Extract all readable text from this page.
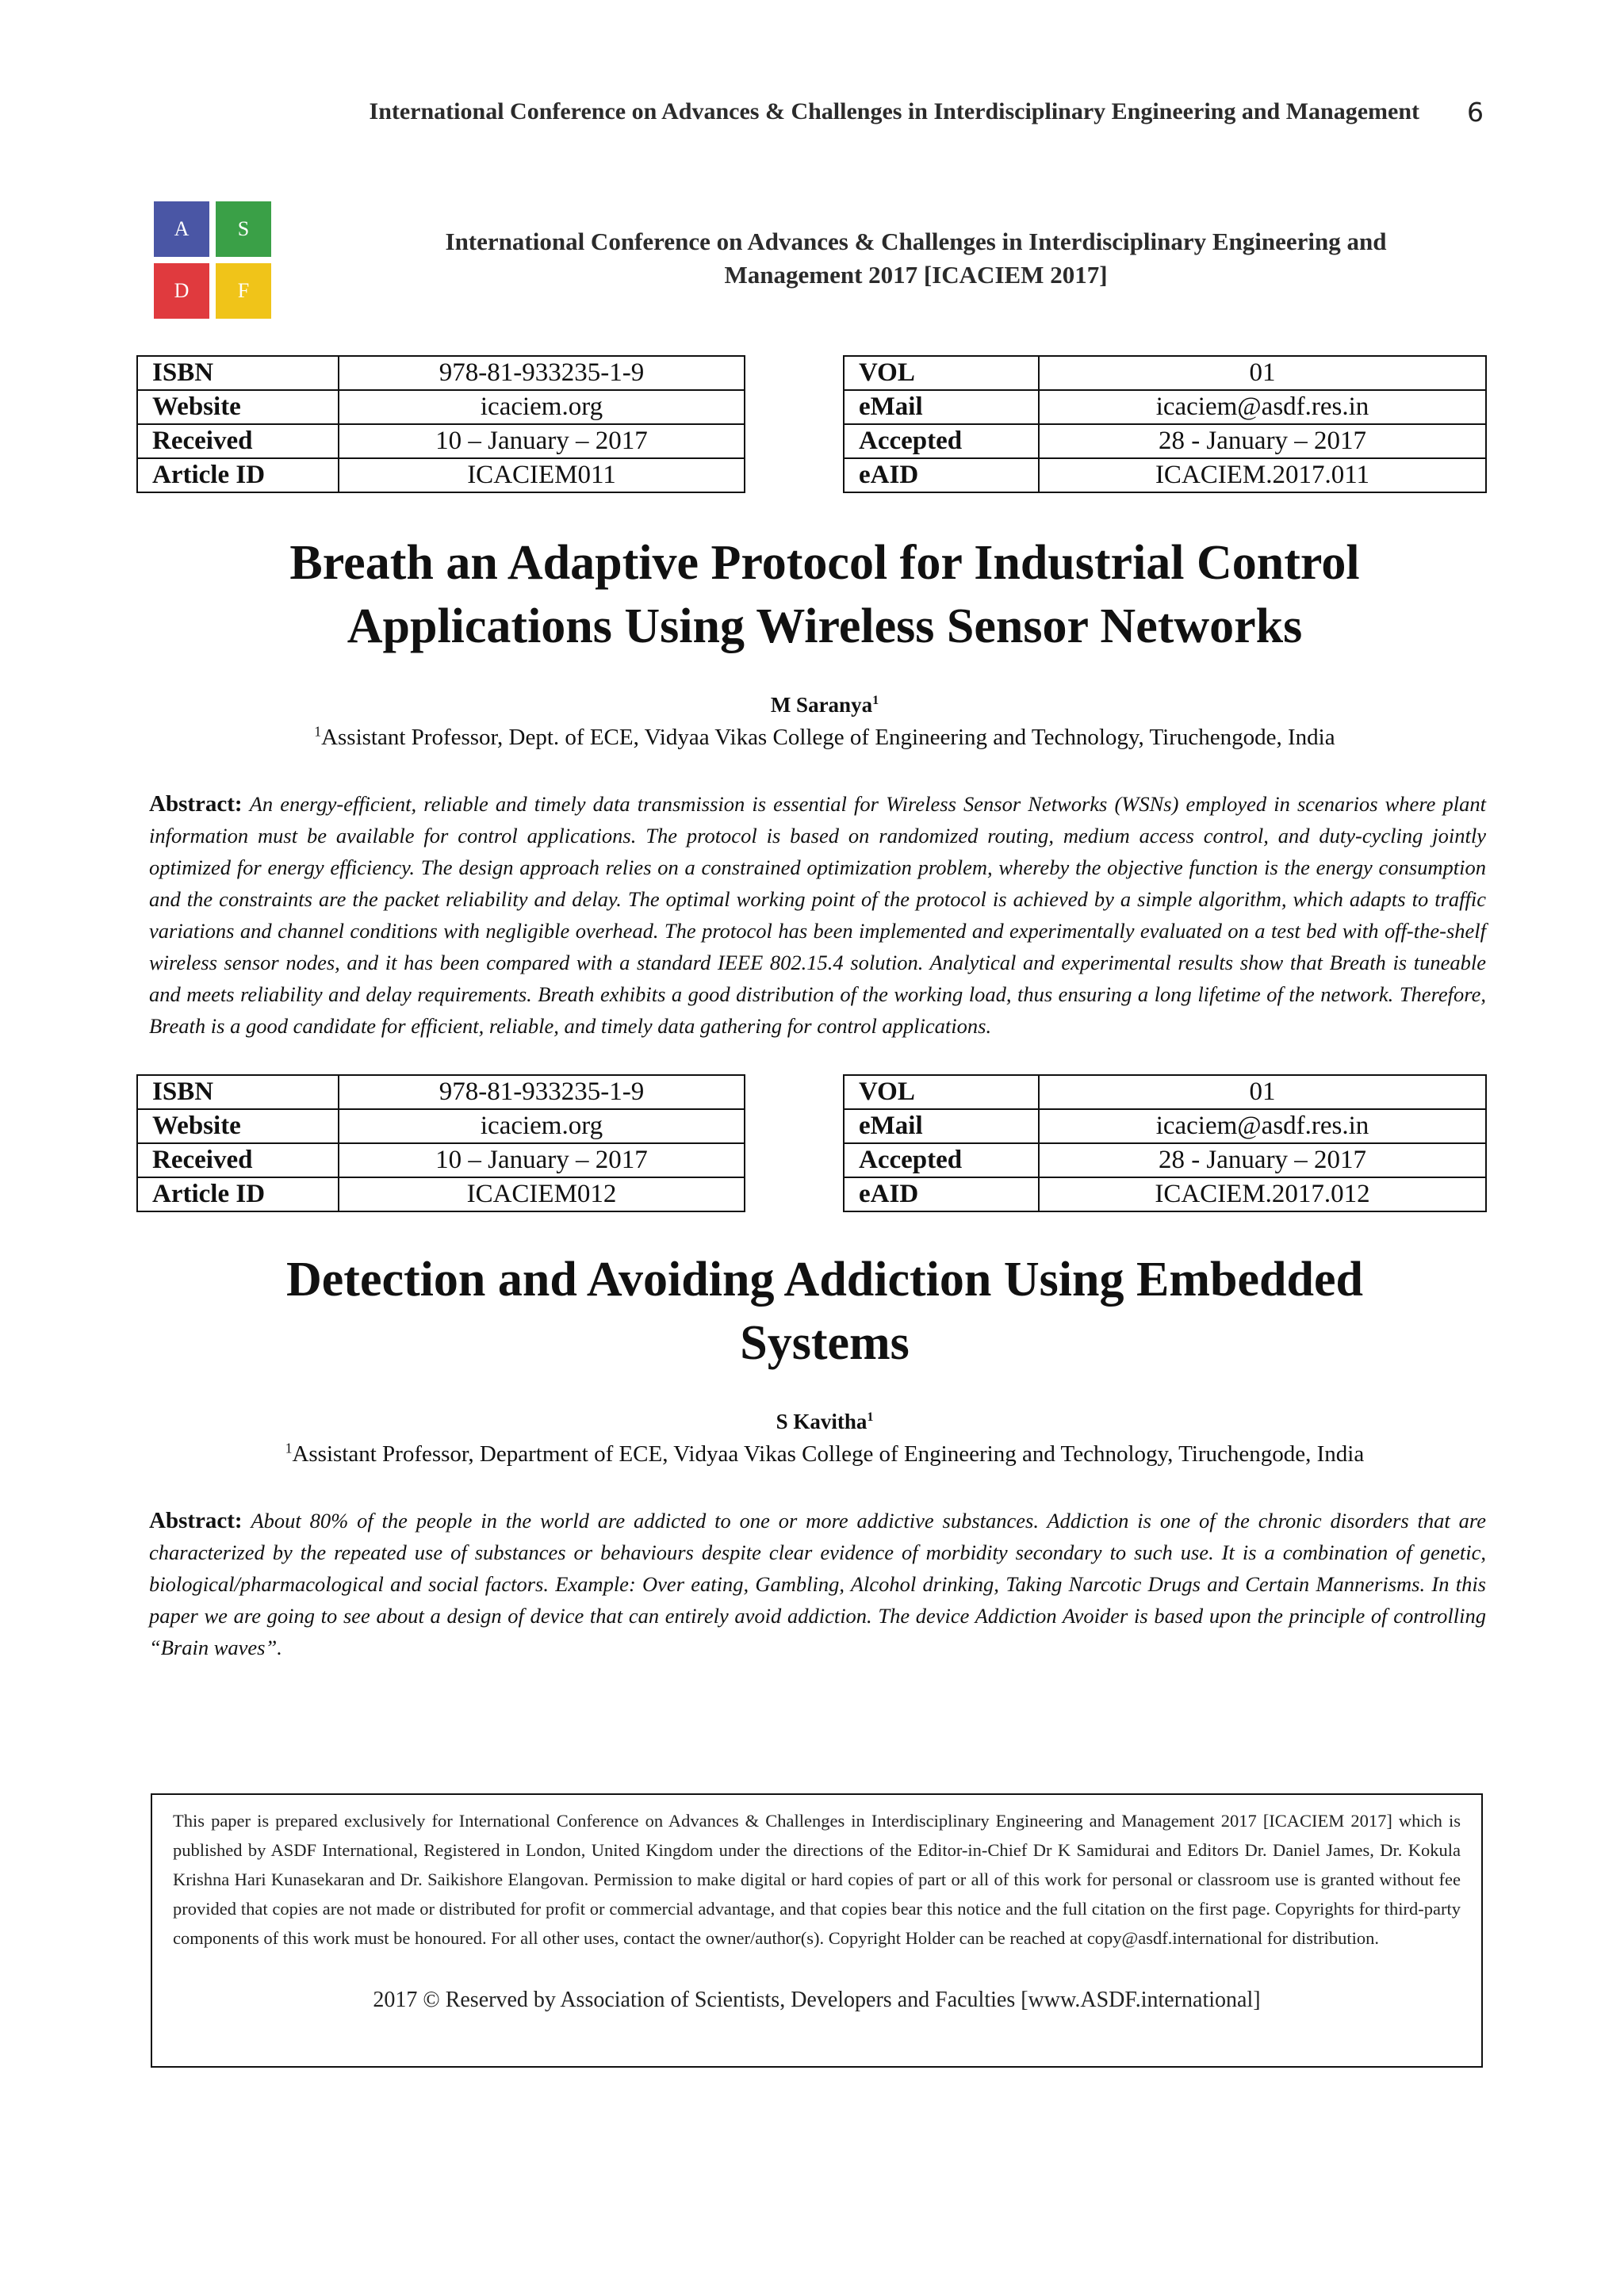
International Conference on Advances & Challenges in Interdisciplinary Engineering and Management 6
A	S
D	F
International Conference on Advances & Challenges in Interdisciplinary Engineering and
Management 2017 [ICACIEM 2017]
ISBN	978-81-933235-1-9
Website	icaciem.org
Received	10 – January – 2017
Article ID	ICACIEM011
VOL	01
eMail	icaciem@asdf.res.in
Accepted	28 - January – 2017
eAID	ICACIEM.2017.011
Breath an Adaptive Protocol for Industrial Control
Applications Using Wireless Sensor Networks
M Saranya$^1$
$^1$Assistant Professor, Dept. of ECE, Vidyaa Vikas College of Engineering and Technology, Tiruchengode, India
Abstract: An energy-efficient, reliable and timely data transmission is essential for Wireless Sensor Networks (WSNs) employed in scenarios where plant information must be available for control applications. The protocol is based on randomized routing, medium access control, and duty-cycling jointly optimized for energy efficiency. The design approach relies on a constrained optimization problem, whereby the objective function is the energy consumption and the constraints are the packet reliability and delay. The optimal working point of the protocol is achieved by a simple algorithm, which adapts to traffic variations and channel conditions with negligible overhead. The protocol has been implemented and experimentally evaluated on a test bed with off-the-shelf wireless sensor nodes, and it has been compared with a standard IEEE 802.15.4 solution. Analytical and experimental results show that Breath is tuneable and meets reliability and delay requirements. Breath exhibits a good distribution of the working load, thus ensuring a long lifetime of the network. Therefore, Breath is a good candidate for efficient, reliable, and timely data gathering for control applications.
ISBN	978-81-933235-1-9
Website	icaciem.org
Received	10 – January – 2017
Article ID	ICACIEM012
VOL	01
eMail	icaciem@asdf.res.in
Accepted	28 - January – 2017
eAID	ICACIEM.2017.012
Detection and Avoiding Addiction Using Embedded
Systems
S Kavitha$^1$
$^1$Assistant Professor, Department of ECE, Vidyaa Vikas College of Engineering and Technology, Tiruchengode, India
Abstract: About 80% of the people in the world are addicted to one or more addictive substances. Addiction is one of the chronic disorders that are characterized by the repeated use of substances or behaviours despite clear evidence of morbidity secondary to such use. It is a combination of genetic, biological/pharmacological and social factors. Example: Over eating, Gambling, Alcohol drinking, Taking Narcotic Drugs and Certain Mannerisms. In this paper we are going to see about a design of device that can entirely avoid addiction. The device Addiction Avoider is based upon the principle of controlling “Brain waves”.
This paper is prepared exclusively for International Conference on Advances & Challenges in Interdisciplinary Engineering and Management 2017 [ICACIEM 2017] which is published by ASDF International, Registered in London, United Kingdom under the directions of the Editor-in-Chief Dr K Samidurai and Editors Dr. Daniel James, Dr. Kokula Krishna Hari Kunasekaran and Dr. Saikishore Elangovan. Permission to make digital or hard copies of part or all of this work for personal or classroom use is granted without fee provided that copies are not made or distributed for profit or commercial advantage, and that copies bear this notice and the full citation on the first page. Copyrights for third-party components of this work must be honoured. For all other uses, contact the owner/author(s). Copyright Holder can be reached at copy@asdf.international for distribution.
2017 © Reserved by Association of Scientists, Developers and Faculties [www.ASDF.international]
